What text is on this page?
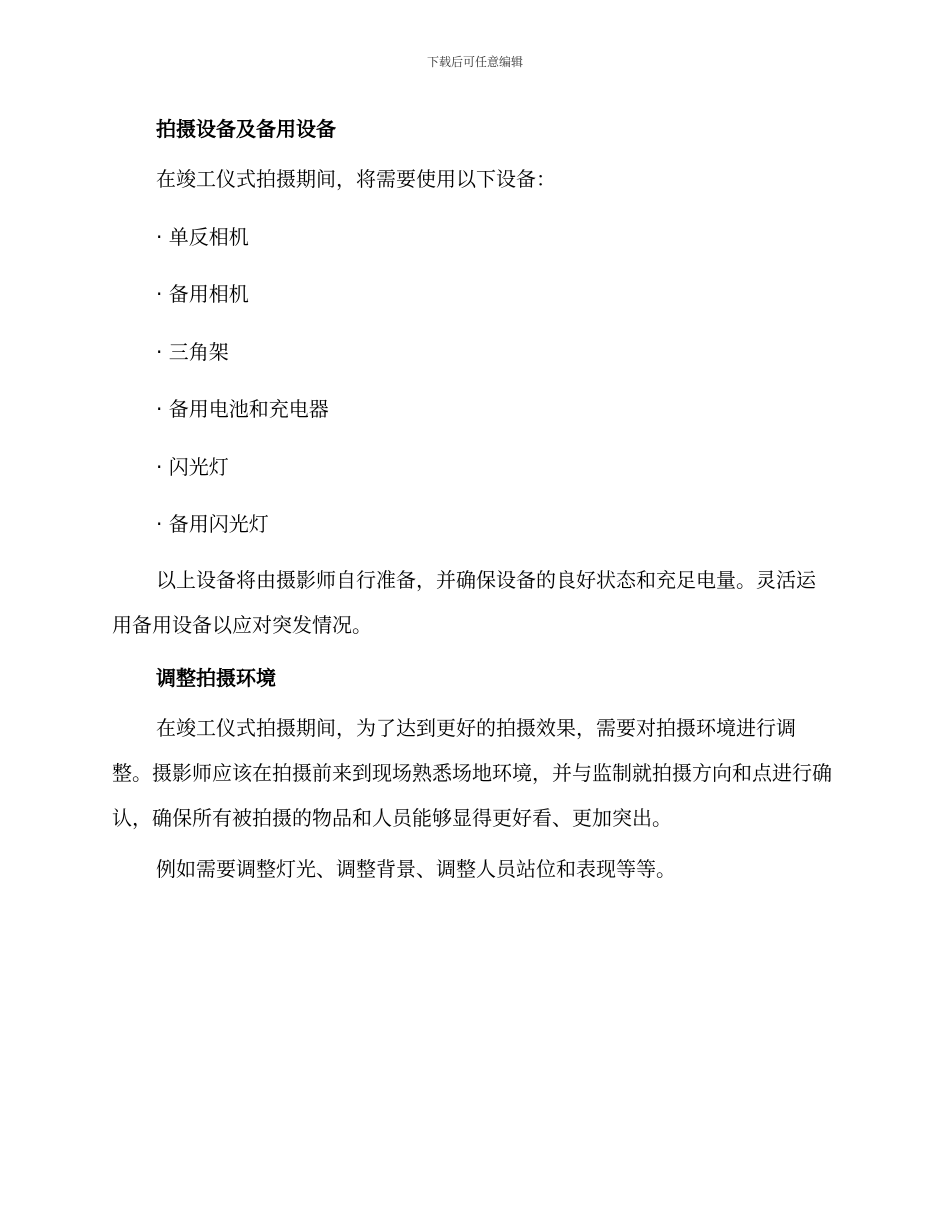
下载后可任意编辑
拍摄设备及备用设备

在竣工仪式拍摄期间，将需要使用以下设备：

· 单反相机
· 备用相机
· 三角架
· 备用电池和充电器
· 闪光灯
· 备用闪光灯

以上设备将由摄影师自行准备，并确保设备的良好状态和充足电量。灵活运用备用设备以应对突发情况。

调整拍摄环境

在竣工仪式拍摄期间，为了达到更好的拍摄效果，需要对拍摄环境进行调整。摄影师应该在拍摄前来到现场熟悉场地环境，并与监制就拍摄方向和点进行确认，确保所有被拍摄的物品和人员能够显得更好看、更加突出。

例如需要调整灯光、调整背景、调整人员站位和表现等等。
